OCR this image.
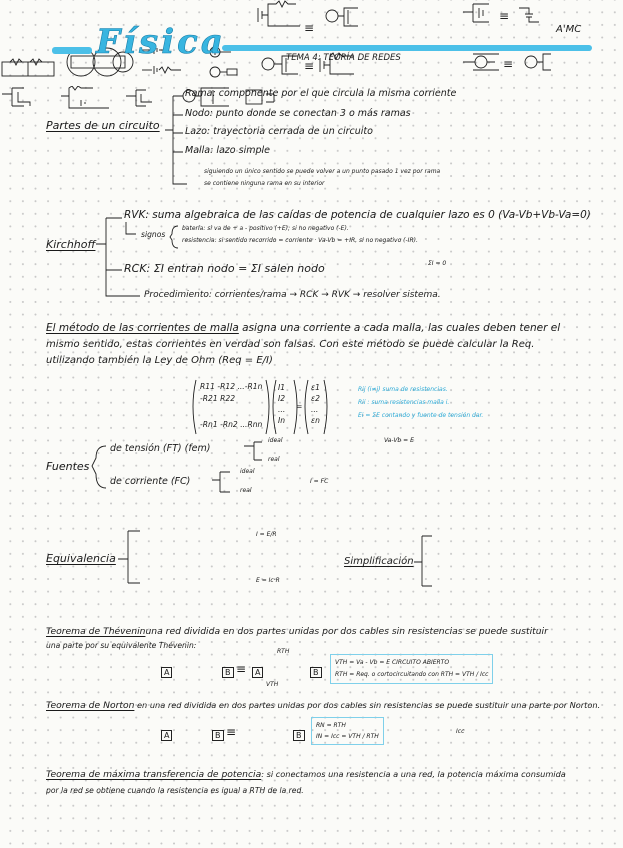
A'MC
Física	TEMA 4: TEORÍA DE REDES
Partes de un circuito
Rama: componente por el que circula la misma corriente
Nodo: punto donde se conectan 3 o más ramas
Lazo: trayectoria cerrada de un circuito
Malla: lazo simple

siguiendo un único sentido se puede volver a un punto pasado 1 vez por rama
se contiene ninguna rama en su interior

Kirchhoff
RVK: suma algebraica de las caídas de potencia de cualquier lazo es 0 (Va-Vb+Vb-Va=0)
signos
batería: si va de + a - positivo (+E); si no negativo (-E).
resistencia: si sentido recorrido = corriente · Va-Vb = +IR, si no negativo (-IR).
RCK: ΣI entran nodo = ΣI salen nodo	ΣI = 0
Procedimiento: corrientes/rama → RCK → RVK → resolver sistema.
El método de las corrientes de malla asigna una corriente a cada malla, las cuales deben tener el
mismo sentido, estas corrientes en verdad son falsas. Con este método se puede calcular la Req.
utilizando también la Ley de Ohm (Req = E/I)
R11 -R12 ...-R1n
-R21 R22
-Rn1 -Rn2 ...Rnn
I1
I2
...
In
=
ε1
ε2
...
εn
Rij (i≠j) suma de resistencias.
Rii : suma resistencias malla i.
Ei = ΣE contando y fuente de tensión dar.
Fuentes
de tensión (FT) (fem)
de corriente (FC)
ideal
real

Va-Vb = E
ideal
real

I = FC
Equivalencia
≡
≡

I = E/R
E = Ic·R
Simplificación
≡
≡

Teorema de Théveninuna red dividida en dos partes unidas por dos cables sin resistencias se puede sustituir
una parte por su equivalente Thévenin:
A
	B ≡	A

RTH
VTH
B
VTH = Va - Vb = E CIRCUITO ABIERTO
RTH = Req. o cortocircuitando con RTH = VTH / Icc
Teorema de Norton en una red dividida en dos partes unidas por dos cables sin resistencias se puede sustituir una parte por Norton.
A
	B ≡
	B
RN = RTH
IN = Icc = VTH / RTH
Icc
Teorema de máxima transferencia de potencia: si conectamos una resistencia a una red, la potencia máxima consumida
por la red se obtiene cuando la resistencia es igual a RTH de la red.
